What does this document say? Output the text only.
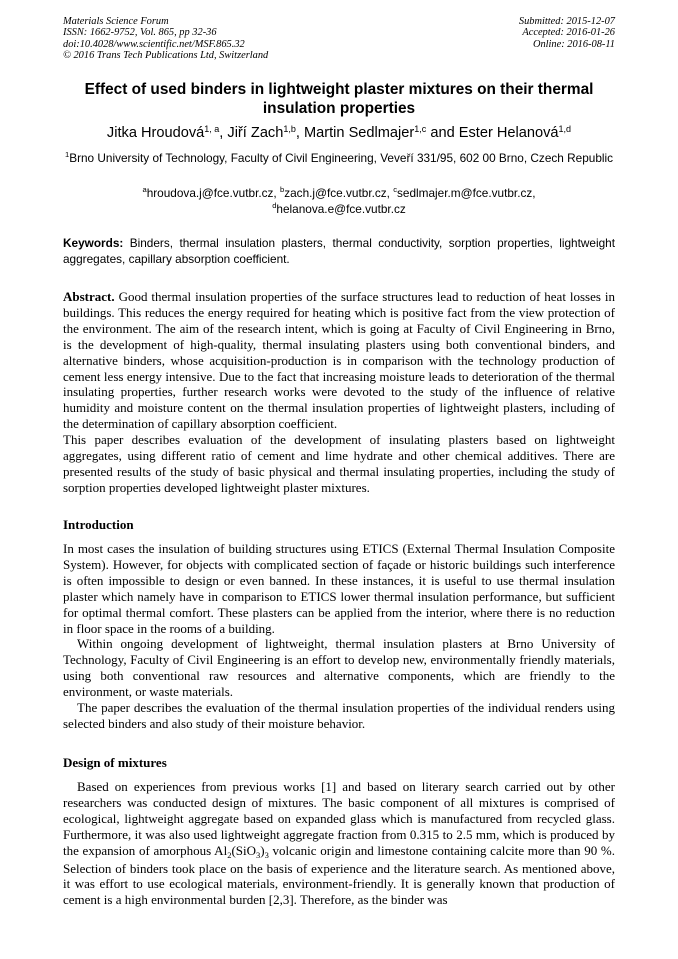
Materials Science Forum
ISSN: 1662-9752, Vol. 865, pp 32-36
doi:10.4028/www.scientific.net/MSF.865.32
© 2016 Trans Tech Publications Ltd, Switzerland
Submitted: 2015-12-07
Accepted: 2016-01-26
Online: 2016-08-11
Effect of used binders in lightweight plaster mixtures on their thermal insulation properties
Jitka Hroudová$^{1, a}$, Jiří Zach$^{1,b}$, Martin Sedlmajer$^{1,c}$ and Ester Helanová$^{1,d}$
$^1$Brno University of Technology, Faculty of Civil Engineering, Veveří 331/95, 602 00 Brno, Czech Republic
$^a$hroudova.j@fce.vutbr.cz, $^b$zach.j@fce.vutbr.cz, $^c$sedlmajer.m@fce.vutbr.cz,
$^d$helanova.e@fce.vutbr.cz
Keywords: Binders, thermal insulation plasters, thermal conductivity, sorption properties, lightweight aggregates, capillary absorption coefficient.

Abstract. Good thermal insulation properties of the surface structures lead to reduction of heat losses in buildings. This reduces the energy required for heating which is positive fact from the view protection of the environment. The aim of the research intent, which is going at Faculty of Civil Engineering in Brno, is the development of high-quality, thermal insulating plasters using both conventional binders, and alternative binders, whose acquisition-production is in comparison with the technology production of cement less energy intensive. Due to the fact that increasing moisture leads to deterioration of the thermal insulating properties, further research works were devoted to the study of the influence of relative humidity and moisture content on the thermal insulation properties of lightweight plasters, including of the determination of capillary absorption coefficient.

This paper describes evaluation of the development of insulating plasters based on lightweight aggregates, using different ratio of cement and lime hydrate and other chemical additives. There are presented results of the study of basic physical and thermal insulating properties, including the study of sorption properties developed lightweight plaster mixtures.

Introduction

In most cases the insulation of building structures using ETICS (External Thermal Insulation Composite System). However, for objects with complicated section of façade or historic buildings such interference is often impossible to design or even banned. In these instances, it is useful to use thermal insulation plaster which namely have in comparison to ETICS lower thermal insulation performance, but sufficient for optimal thermal comfort. These plasters can be applied from the interior, where there is no reduction in floor space in the rooms of a building.

Within ongoing development of lightweight, thermal insulation plasters at Brno University of Technology, Faculty of Civil Engineering is an effort to develop new, environmentally friendly materials, using both conventional raw resources and alternative components, which are friendly to the environment, or waste materials.

The paper describes the evaluation of the thermal insulation properties of the individual renders using selected binders and also study of their moisture behavior.

Design of mixtures

Based on experiences from previous works [1] and based on literary search carried out by other researchers was conducted design of mixtures. The basic component of all mixtures is comprised of ecological, lightweight aggregate based on expanded glass which is manufactured from recycled glass. Furthermore, it was also used lightweight aggregate fraction from 0.315 to 2.5 mm, which is produced by the expansion of amorphous $Al_2(SiO_3)_3$ volcanic origin and limestone containing calcite more than 90 %. Selection of binders took place on the basis of experience and the literature search. As mentioned above, it was effort to use ecological materials, environment-friendly. It is generally known that production of cement is a high environmental burden [2,3]. Therefore, as the binder was
